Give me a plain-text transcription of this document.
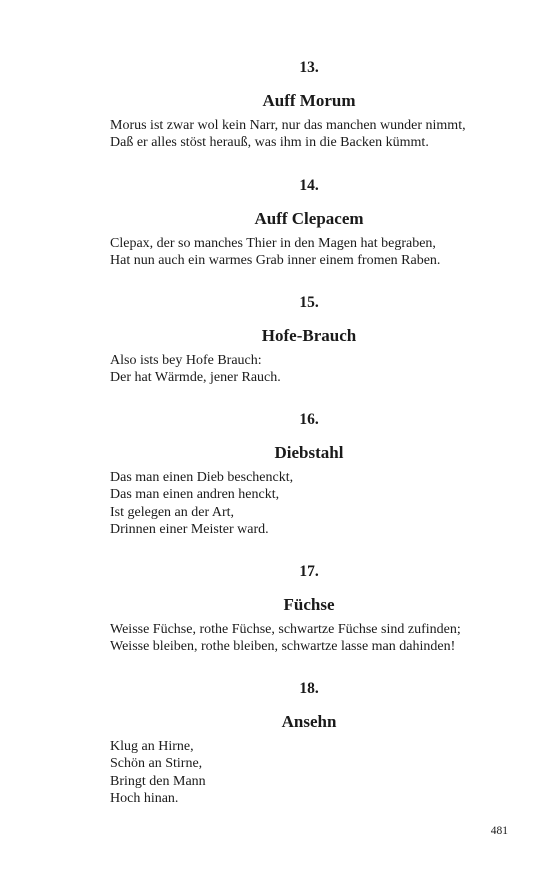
13.
Auff Morum
Morus ist zwar wol kein Narr, nur das manchen wunder nimmt,
Daß er alles stöst herauß, was ihm in die Backen kümmt.
14.
Auff Clepacem
Clepax, der so manches Thier in den Magen hat begraben,
Hat nun auch ein warmes Grab inner einem fromen Raben.
15.
Hofe-Brauch
Also ists bey Hofe Brauch:
Der hat Wärmde, jener Rauch.
16.
Diebstahl
Das man einen Dieb beschenckt,
Das man einen andren henckt,
Ist gelegen an der Art,
Drinnen einer Meister ward.
17.
Füchse
Weisse Füchse, rothe Füchse, schwartze Füchse sind zufinden;
Weisse bleiben, rothe bleiben, schwartze lasse man dahinden!
18.
Ansehn
Klug an Hirne,
Schön an Stirne,
Bringt den Mann
Hoch hinan.
481
